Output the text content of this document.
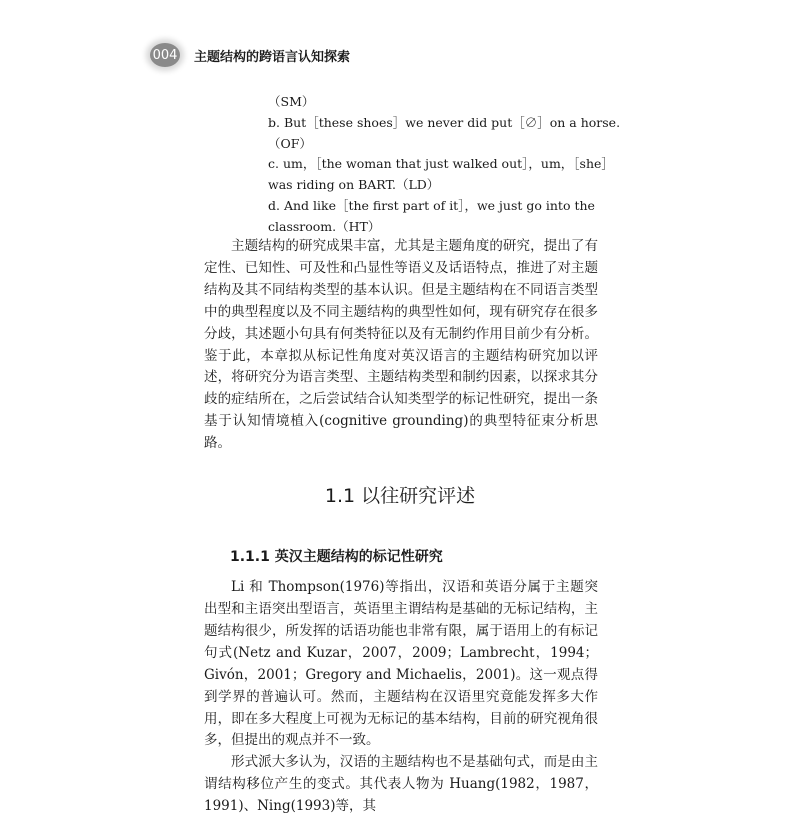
004 主题结构的跨语言认知探索
（SM）
b. But［these shoes］we never did put［∅］on a horse.
（OF）
c. um，［the woman that just walked out］，um，［she］
was riding on BART.（LD）
d. And like［the first part of it］，we just go into the
classroom.（HT）

主题结构的研究成果丰富，尤其是主题角度的研究，提出了有定性、已知性、可及性和凸显性等语义及话语特点，推进了对主题结构及其不同结构类型的基本认识。但是主题结构在不同语言类型中的典型程度以及不同主题结构的典型性如何，现有研究存在很多分歧，其述题小句具有何类特征以及有无制约作用目前少有分析。鉴于此，本章拟从标记性角度对英汉语言的主题结构研究加以评述，将研究分为语言类型、主题结构类型和制约因素，以探求其分歧的症结所在，之后尝试结合认知类型学的标记性研究，提出一条基于认知情境植入(cognitive grounding)的典型特征束分析思路。

1.1 以往研究评述
1.1.1 英汉主题结构的标记性研究

Li 和 Thompson(1976)等指出，汉语和英语分属于主题突出型和主语突出型语言，英语里主谓结构是基础的无标记结构，主题结构很少，所发挥的话语功能也非常有限，属于语用上的有标记句式(Netz and Kuzar，2007，2009；Lambrecht，1994；Givón，2001；Gregory and Michaelis，2001)。这一观点得到学界的普遍认可。然而，主题结构在汉语里究竟能发挥多大作用，即在多大程度上可视为无标记的基本结构，目前的研究视角很多，但提出的观点并不一致。

形式派大多认为，汉语的主题结构也不是基础句式，而是由主谓结构移位产生的变式。其代表人物为 Huang(1982，1987，1991)、Ning(1993)等，其
